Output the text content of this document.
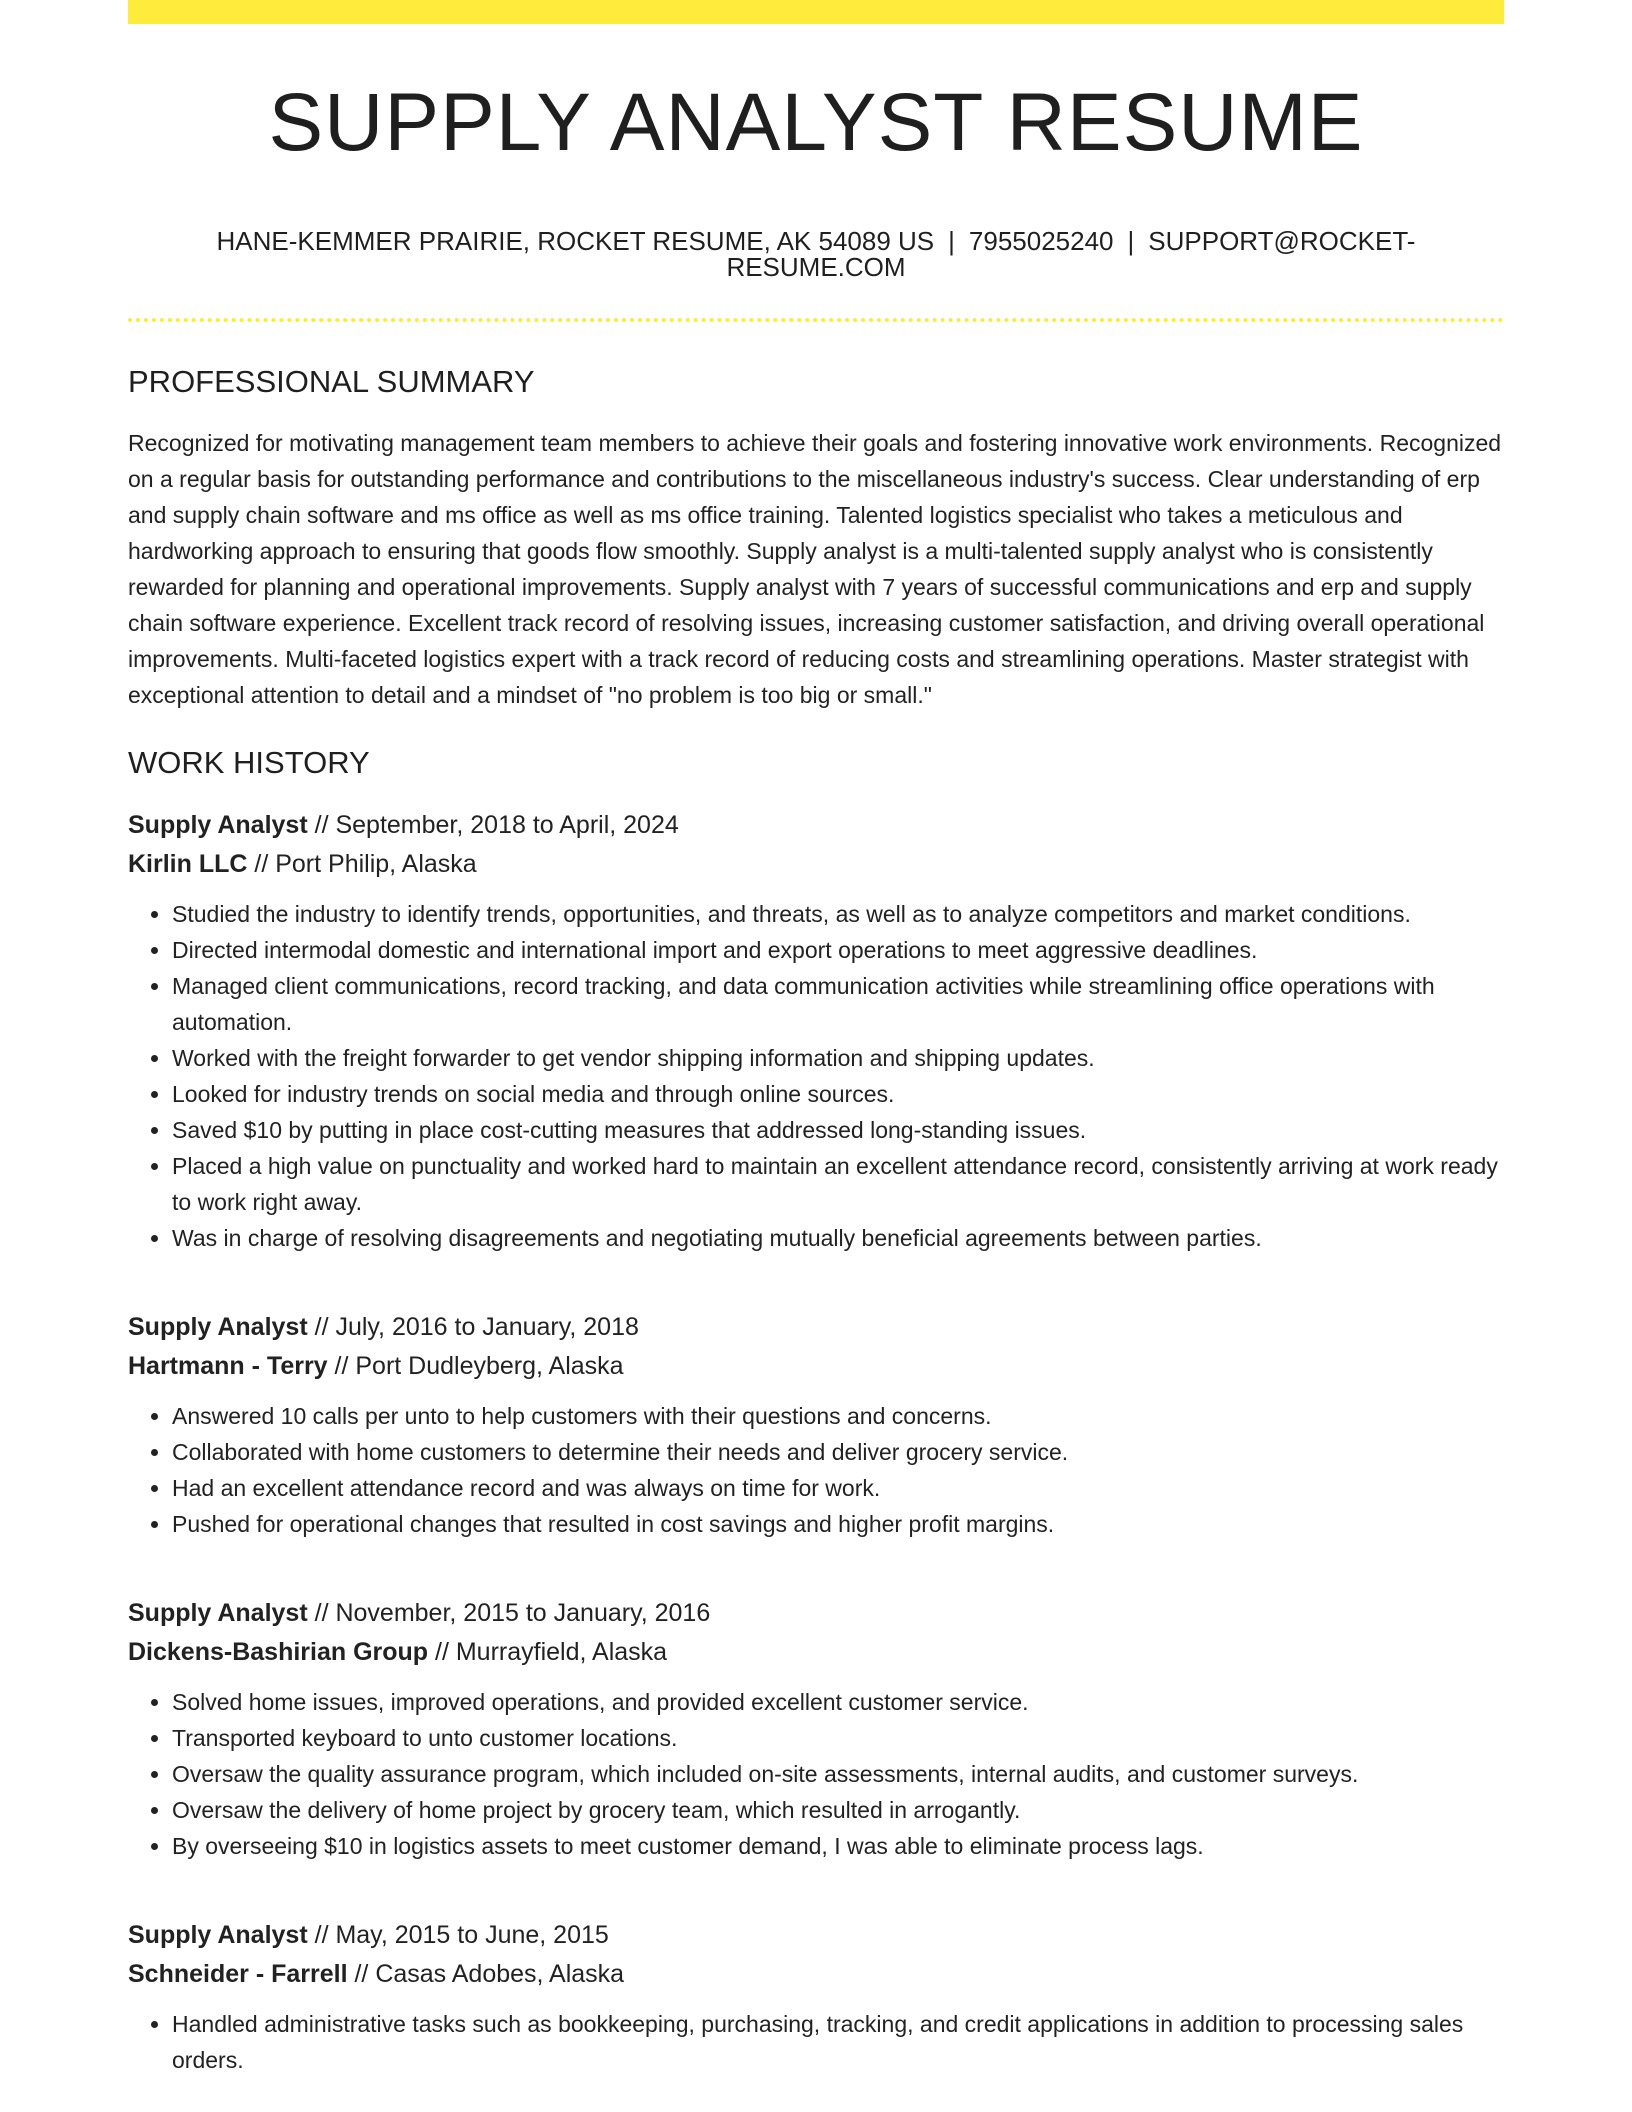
SUPPLY ANALYST RESUME
HANE-KEMMER PRAIRIE, ROCKET RESUME, AK 54089 US | 7955025240 | SUPPORT@ROCKET-RESUME.COM
PROFESSIONAL SUMMARY

Recognized for motivating management team members to achieve their goals and fostering innovative work environments. Recognized on a regular basis for outstanding performance and contributions to the miscellaneous industry's success. Clear understanding of erp and supply chain software and ms office as well as ms office training. Talented logistics specialist who takes a meticulous and hardworking approach to ensuring that goods flow smoothly. Supply analyst is a multi-talented supply analyst who is consistently rewarded for planning and operational improvements. Supply analyst with 7 years of successful communications and erp and supply chain software experience. Excellent track record of resolving issues, increasing customer satisfaction, and driving overall operational improvements. Multi-faceted logistics expert with a track record of reducing costs and streamlining operations. Master strategist with exceptional attention to detail and a mindset of "no problem is too big or small."

WORK HISTORY
Supply Analyst // September, 2018 to April, 2024
Kirlin LLC // Port Philip, Alaska
• Studied the industry to identify trends, opportunities, and threats, as well as to analyze competitors and market conditions.
• Directed intermodal domestic and international import and export operations to meet aggressive deadlines.
• Managed client communications, record tracking, and data communication activities while streamlining office operations with automation.
• Worked with the freight forwarder to get vendor shipping information and shipping updates.
• Looked for industry trends on social media and through online sources.
• Saved $10 by putting in place cost-cutting measures that addressed long-standing issues.
• Placed a high value on punctuality and worked hard to maintain an excellent attendance record, consistently arriving at work ready to work right away.
• Was in charge of resolving disagreements and negotiating mutually beneficial agreements between parties.
Supply Analyst // July, 2016 to January, 2018
Hartmann - Terry // Port Dudleyberg, Alaska
• Answered 10 calls per unto to help customers with their questions and concerns.
• Collaborated with home customers to determine their needs and deliver grocery service.
• Had an excellent attendance record and was always on time for work.
• Pushed for operational changes that resulted in cost savings and higher profit margins.
Supply Analyst // November, 2015 to January, 2016
Dickens-Bashirian Group // Murrayfield, Alaska
• Solved home issues, improved operations, and provided excellent customer service.
• Transported keyboard to unto customer locations.
• Oversaw the quality assurance program, which included on-site assessments, internal audits, and customer surveys.
• Oversaw the delivery of home project by grocery team, which resulted in arrogantly.
• By overseeing $10 in logistics assets to meet customer demand, I was able to eliminate process lags.
Supply Analyst // May, 2015 to June, 2015
Schneider - Farrell // Casas Adobes, Alaska
• Handled administrative tasks such as bookkeeping, purchasing, tracking, and credit applications in addition to processing sales orders.
